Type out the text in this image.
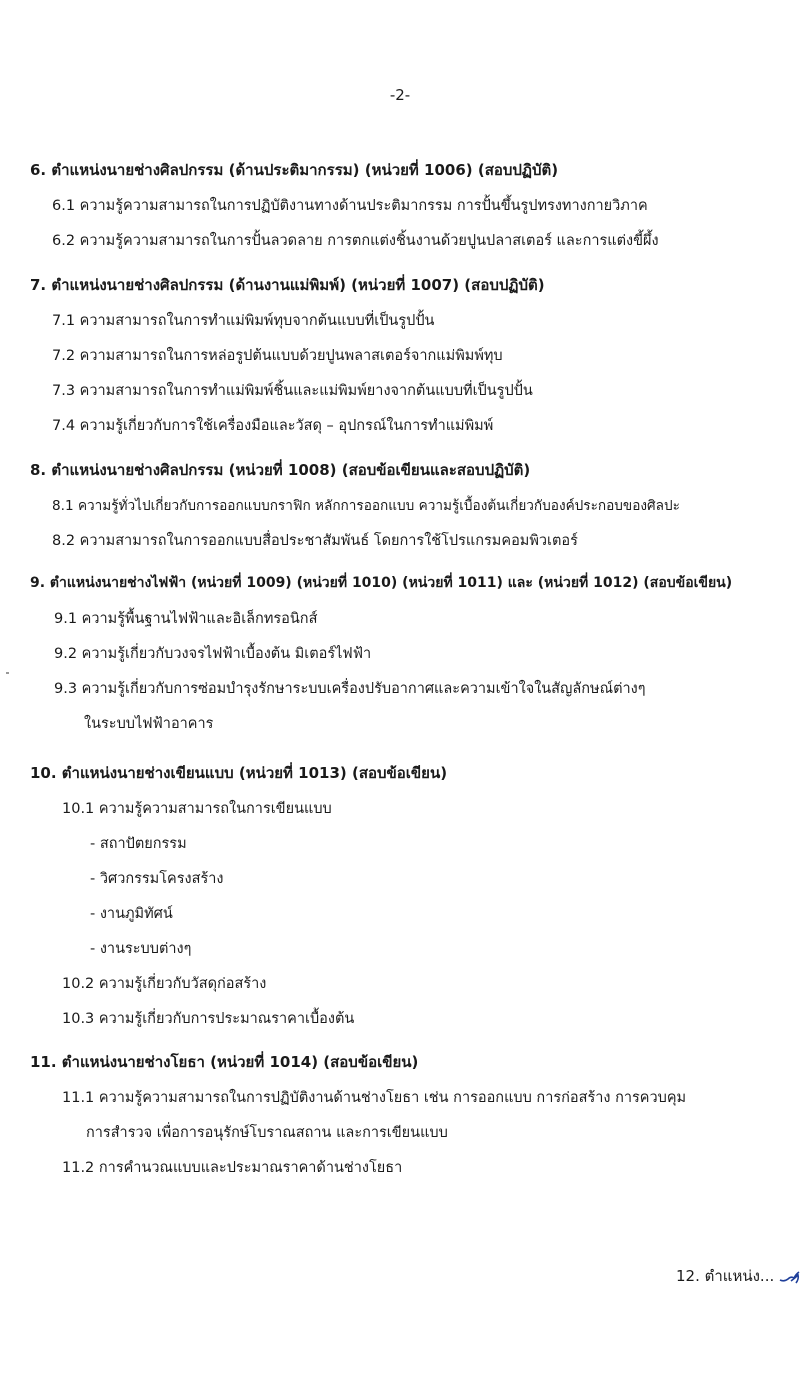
-2-
6. ตำแหน่งนายช่างศิลปกรรม (ด้านประติมากรรม) (หน่วยที่ 1006) (สอบปฏิบัติ)
6.1 ความรู้ความสามารถในการปฏิบัติงานทางด้านประติมากรรม การปั้นขึ้นรูปทรงทางกายวิภาค
6.2 ความรู้ความสามารถในการปั้นลวดลาย การตกแต่งชิ้นงานด้วยปูนปลาสเตอร์ และการแต่งขี้ผึ้ง
7. ตำแหน่งนายช่างศิลปกรรม (ด้านงานแม่พิมพ์) (หน่วยที่ 1007) (สอบปฏิบัติ)
7.1 ความสามารถในการทำแม่พิมพ์ทุบจากต้นแบบที่เป็นรูปปั้น
7.2 ความสามารถในการหล่อรูปต้นแบบด้วยปูนพลาสเตอร์จากแม่พิมพ์ทุบ
7.3 ความสามารถในการทำแม่พิมพ์ชิ้นและแม่พิมพ์ยางจากต้นแบบที่เป็นรูปปั้น
7.4 ความรู้เกี่ยวกับการใช้เครื่องมือและวัสดุ – อุปกรณ์ในการทำแม่พิมพ์
8. ตำแหน่งนายช่างศิลปกรรม (หน่วยที่ 1008) (สอบข้อเขียนและสอบปฏิบัติ)
8.1 ความรู้ทั่วไปเกี่ยวกับการออกแบบกราฟิก หลักการออกแบบ ความรู้เบื้องต้นเกี่ยวกับองค์ประกอบของศิลปะ
8.2 ความสามารถในการออกแบบสื่อประชาสัมพันธ์ โดยการใช้โปรแกรมคอมพิวเตอร์
9. ตำแหน่งนายช่างไฟฟ้า (หน่วยที่ 1009) (หน่วยที่ 1010) (หน่วยที่ 1011) และ (หน่วยที่ 1012) (สอบข้อเขียน)
9.1 ความรู้พื้นฐานไฟฟ้าและอิเล็กทรอนิกส์
9.2 ความรู้เกี่ยวกับวงจรไฟฟ้าเบื้องต้น มิเตอร์ไฟฟ้า
9.3 ความรู้เกี่ยวกับการซ่อมบำรุงรักษาระบบเครื่องปรับอากาศและความเข้าใจในสัญลักษณ์ต่างๆ
ในระบบไฟฟ้าอาคาร
10. ตำแหน่งนายช่างเขียนแบบ (หน่วยที่ 1013) (สอบข้อเขียน)
10.1 ความรู้ความสามารถในการเขียนแบบ
- สถาปัตยกรรม
- วิศวกรรมโครงสร้าง
- งานภูมิทัศน์
- งานระบบต่างๆ
10.2 ความรู้เกี่ยวกับวัสดุก่อสร้าง
10.3 ความรู้เกี่ยวกับการประมาณราคาเบื้องต้น
11. ตำแหน่งนายช่างโยธา (หน่วยที่ 1014) (สอบข้อเขียน)
11.1 ความรู้ความสามารถในการปฏิบัติงานด้านช่างโยธา เช่น การออกแบบ การก่อสร้าง การควบคุม
การสำรวจ เพื่อการอนุรักษ์โบราณสถาน และการเขียนแบบ
11.2 การคำนวณแบบและประมาณราคาด้านช่างโยธา
12. ตำแหน่ง...
